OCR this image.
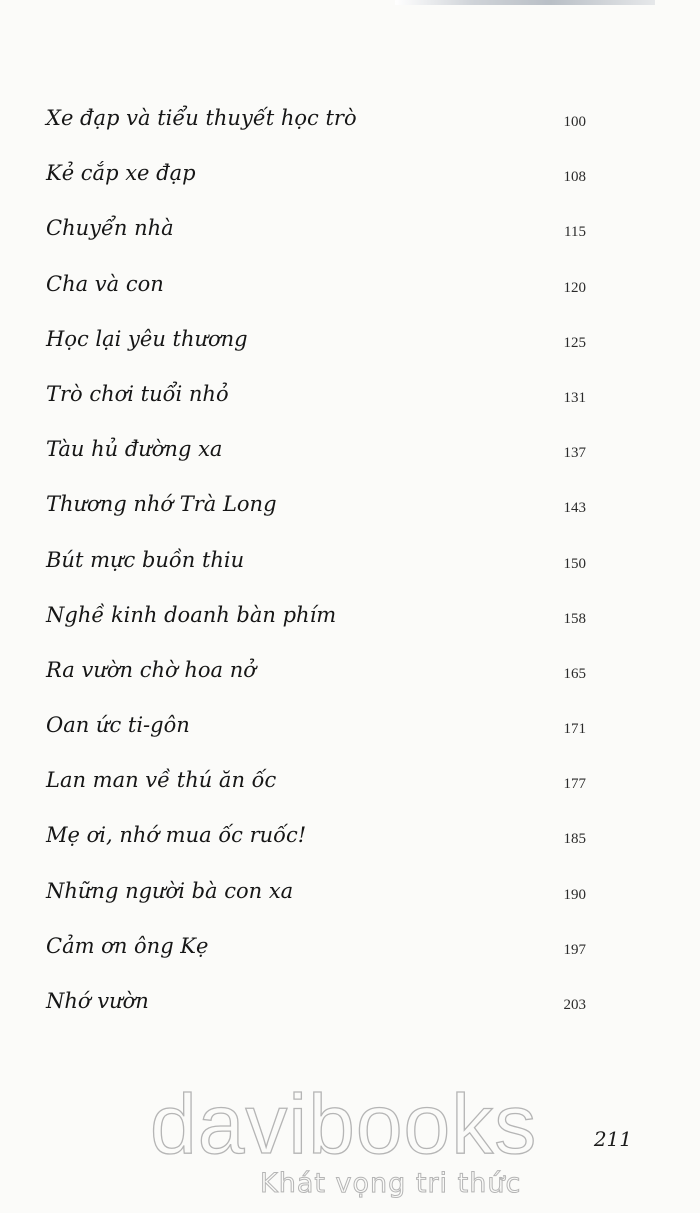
Xe đạp và tiểu thuyết học trò	100
Kẻ cắp xe đạp	108
Chuyển nhà	115
Cha và con	120
Học lại yêu thương	125
Trò chơi tuổi nhỏ	131
Tàu hủ đường xa	137
Thương nhớ Trà Long	143
Bút mực buồn thiu	150
Nghề kinh doanh bàn phím	158
Ra vườn chờ hoa nở	165
Oan ức ti-gôn	171
Lan man về thú ăn ốc	177
Mẹ ơi, nhớ mua ốc ruốc!	185
Những người bà con xa	190
Cảm ơn ông Kẹ	197
Nhớ vườn	203
davibooks
Khát vọng tri thức
211
